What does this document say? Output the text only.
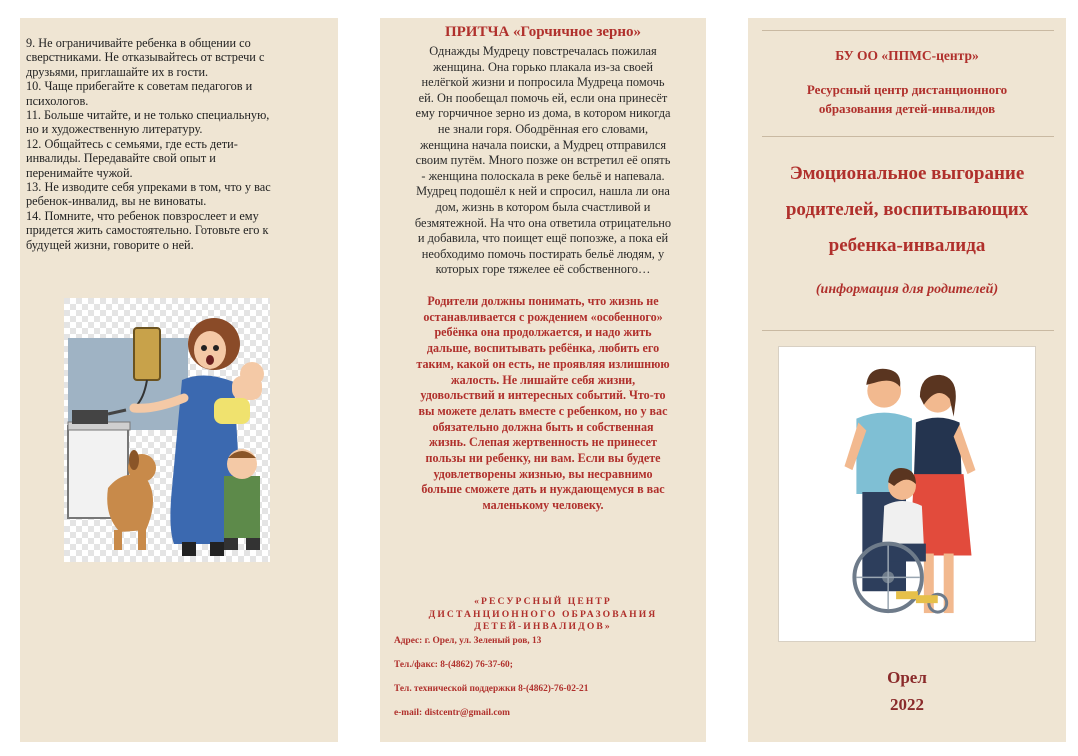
9. Не ограничивайте ребенка в общении со
сверстниками. Не отказывайтесь от встречи с
друзьями, приглашайте их в гости.
10. Чаще прибегайте к советам педагогов и
психологов.
11. Больше читайте, и не только специальную,
но и художественную литературу.
12. Общайтесь с семьями, где есть дети-
инвалиды. Передавайте свой опыт и
перенимайте чужой.
13. Не изводите себя упреками в том, что у вас
ребенок-инвалид, вы не виноваты.
14. Помните, что ребенок повзрослеет и ему
придется жить самостоятельно. Готовьте его к
будущей жизни, говорите о ней.
ПРИТЧА «Горчичное зерно»
Однажды Мудрецу повстречалась пожилая
женщина. Она горько плакала из-за своей
нелёгкой жизни и попросила Мудреца помочь
ей. Он пообещал помочь ей, если она принесёт
ему горчичное зерно из дома, в котором никогда
не знали горя. Ободрённая его словами,
женщина начала поиски, а Мудрец отправился
своим путём. Много позже он встретил её опять
- женщина полоскала в реке бельё и напевала.
Мудрец подошёл к ней и спросил, нашла ли она
дом, жизнь в котором была счастливой и
безмятежной. На что она ответила отрицательно
и добавила, что поищет ещё попозже, а пока ей
необходимо помочь постирать бельё людям, у
которых горе тяжелее её собственного…
Родители должны понимать, что жизнь не
останавливается с рождением «особенного»
ребёнка она продолжается, и надо жить
дальше, воспитывать ребёнка, любить его
таким, какой он есть, не проявляя излишнюю
жалость. Не лишайте себя жизни,
удовольствий и интересных событий. Что-то
вы можете делать вместе с ребенком, но у вас
обязательно должна быть и собственная
жизнь. Слепая жертвенность не принесет
пользы ни ребенку, ни вам. Если вы будете
удовлетворены жизнью, вы несравнимо
больше сможете дать и нуждающемуся в вас
маленькому человеку.
«РЕСУРСНЫЙ ЦЕНТР
ДИСТАНЦИОННОГО ОБРАЗОВАНИЯ
ДЕТЕЙ-ИНВАЛИДОВ»
Адрес: г. Орел, ул. Зеленый ров, 13
Тел./факс: 8-(4862) 76-37-60;
Тел. технической поддержки 8-(4862)-76-02-21
e-mail: distcentr@gmail.com
БУ ОО «ППМС-центр»
Ресурсный центр дистанционного
образования детей-инвалидов
Эмоциональное выгорание
родителей, воспитывающих
ребенка-инвалида
(информация для родителей)
Орел
2022
